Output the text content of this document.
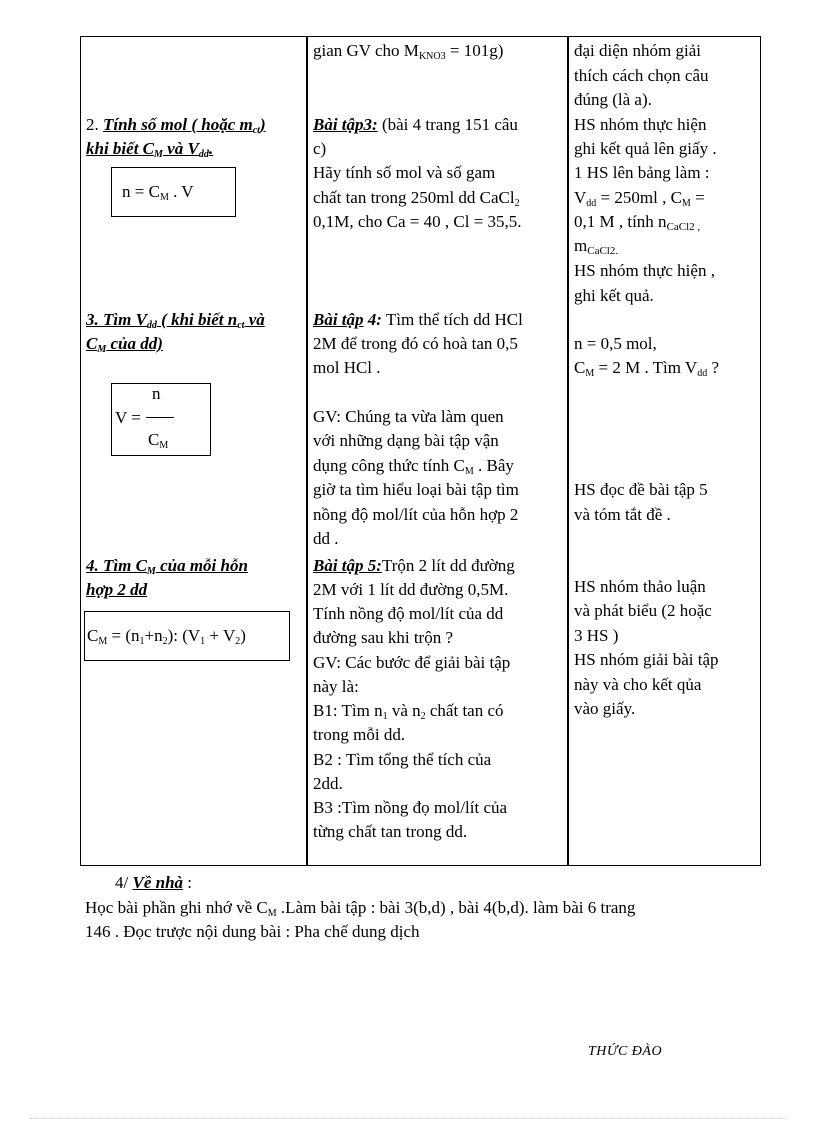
2. Tính số mol ( hoặc $m_{ct}$)
khi biết $C_M$ và $V_{dd}$.
$n = C_M$ . V
3. Tìm $V_{dd}$ ( khi biết $n_{ct}$ và
$C_M$ của dd)
n
V =
$C_M$
4. Tìm $C_M$ của mỗi hỗn
hợp 2 dd
$C_M = (n_1+n_2)$: $(V_1 + V_2)$
gian GV cho $M_{KNO3} = 101g$)
Bài tập3: (bài 4 trang 151 câu
c)
Hãy tính số mol và số gam
chất tan trong 250ml dd CaCl$_2$
0,1M, cho Ca = 40 , Cl = 35,5.
Bài tập 4: Tìm thể tích dd HCl
2M để trong đó có hoà tan 0,5
mol HCl .
GV: Chúng ta vừa làm quen
với những dạng bài tập vận
dụng công thức tính $C_M$ . Bây
giờ ta tìm hiểu loại bài tập tìm
nồng độ mol/lít của hỗn hợp 2
dd .
Bài tập 5:Trộn 2 lít dd đường
2M với 1 lít dd đường 0,5M.
Tính nồng độ mol/lít của dd
đường sau khi trộn ?
GV: Các bước để giải bài tập
này là:
B1: Tìm $n_1$ và $n_2$ chất tan có
trong mỗi dd.
B2 : Tìm tổng thể tích của
2dd.
B3 :Tìm nồng đọ mol/lít của
từng chất tan trong dd.
đại diện nhóm giải
thích cách chọn câu
đúng (là a).
HS nhóm thực hiện
ghi kết quả lên giấy .
1 HS lên bảng làm :
$V_{dd} = 250ml$ , $C_M$ =
0,1 M , tính $n_{CaCl2 ,}$
$m_{CaCl2.}$
HS nhóm thực hiện ,
ghi kết quả.
n = 0,5 mol,
$C_M = 2$ M . Tìm $V_{dd}$ ?
HS đọc đề bài tập 5
và tóm tắt đề .
HS nhóm thảo luận
và phát biểu (2 hoặc
3 HS )
HS nhóm giải bài tập
này và cho kết qủa
vào giấy.
4/ Về nhà :
Học bài phần ghi nhớ về $C_M$ .Làm bài tập : bài 3(b,d) , bài 4(b,d). làm bài 6 trang
146 . Đọc trược nội dung bài : Pha chế dung dịch
THỨC ĐÀO
